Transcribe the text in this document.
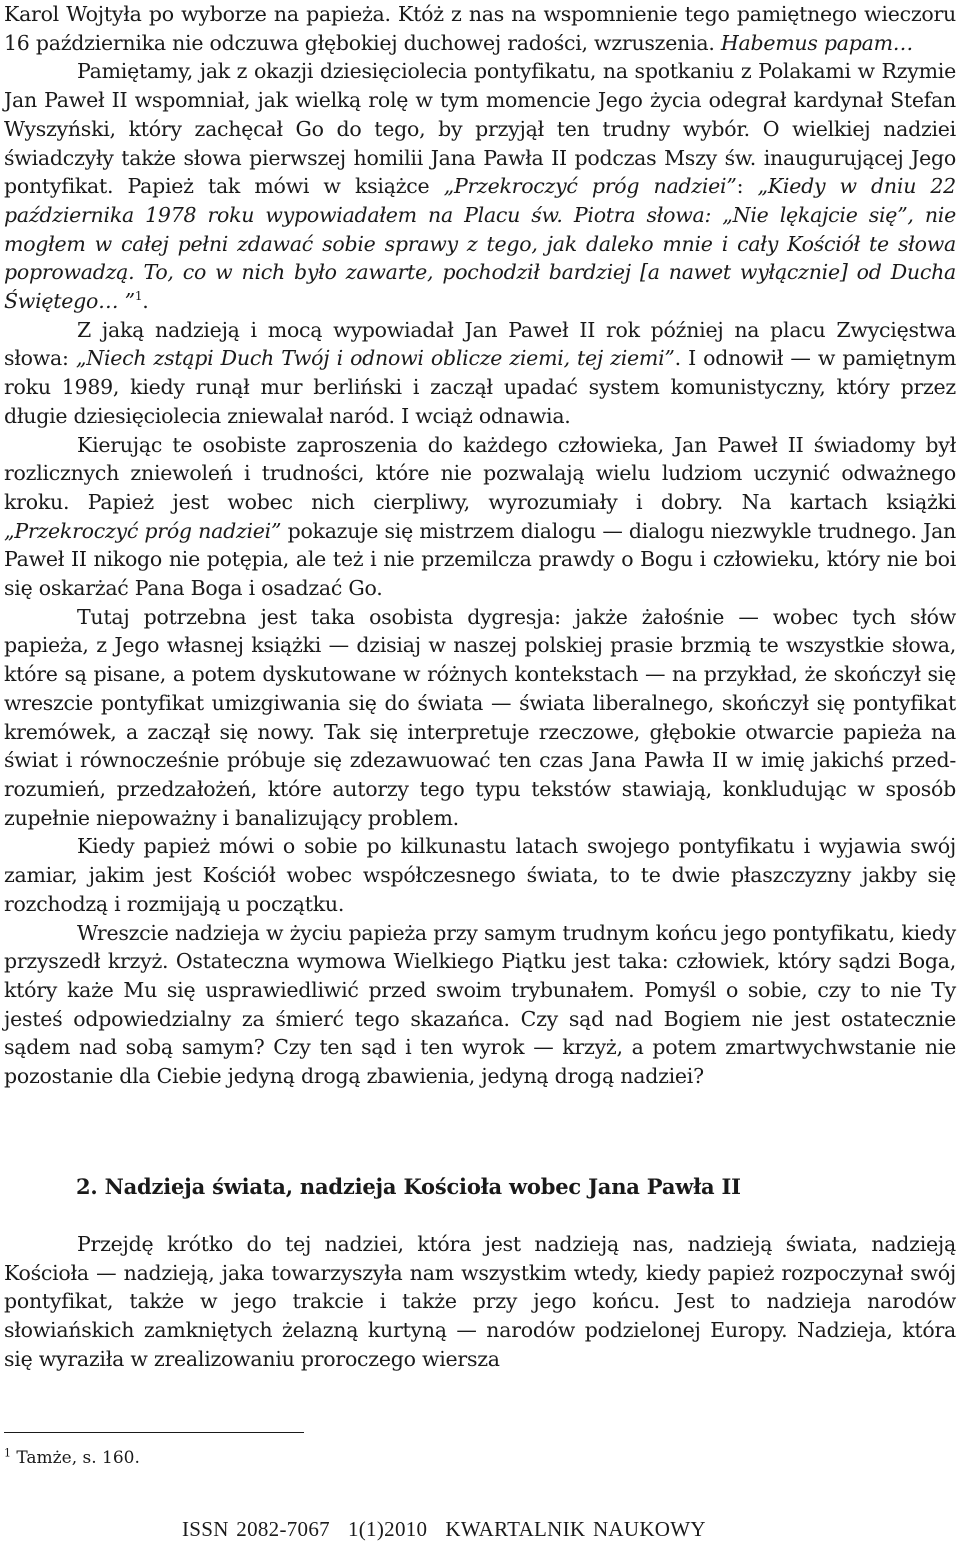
Karol Wojtyła po wyborze na papieża. Któż z nas na wspomnienie tego pamiętnego wieczoru 16 października nie odczuwa głębokiej duchowej radości, wzruszenia. Habemus papam…

Pamiętamy, jak z okazji dziesięciolecia pontyfikatu, na spotkaniu z Polakami w Rzymie Jan Paweł II wspomniał, jak wielką rolę w tym momencie Jego życia odegrał kardynał Stefan Wyszyński, który zachęcał Go do tego, by przyjął ten trudny wybór. O wielkiej nadziei świadczyły także słowa pierwszej homilii Jana Pawła II podczas Mszy św. inaugurującej Jego pontyfikat. Papież tak mówi w książce „Przekroczyć próg nadziei”: „Kiedy w dniu 22 października 1978 roku wypowiadałem na Placu św. Piotra słowa: „Nie lękajcie się”, nie mogłem w całej pełni zdawać sobie sprawy z tego, jak daleko mnie i cały Kościół te słowa poprowadzą. To, co w nich było zawarte, pochodził bardziej [a nawet wyłącznie] od Ducha Świętego… ”$^1$.

Z jaką nadzieją i mocą wypowiadał Jan Paweł II rok później na placu Zwycięstwa słowa: „Niech zstąpi Duch Twój i odnowi oblicze ziemi, tej ziemi”. I odnowił — w pamiętnym roku 1989, kiedy runął mur berliński i zaczął upadać system komunistyczny, który przez długie dziesięciolecia zniewalał naród. I wciąż odnawia.

Kierując te osobiste zaproszenia do każdego człowieka, Jan Paweł II świadomy był rozlicznych zniewoleń i trudności, które nie pozwalają wielu ludziom uczynić odważnego kroku. Papież jest wobec nich cierpliwy, wyrozumiały i dobry. Na kartach książki „Przekroczyć próg nadziei” pokazuje się mistrzem dialogu — dialogu niezwykle trudnego. Jan Paweł II nikogo nie potępia, ale też i nie przemilcza prawdy o Bogu i człowieku, który nie boi się oskarżać Pana Boga i osadzać Go.

Tutaj potrzebna jest taka osobista dygresja: jakże żałośnie — wobec tych słów papieża, z Jego własnej książki — dzisiaj w naszej polskiej prasie brzmią te wszystkie słowa, które są pisane, a potem dyskutowane w różnych kontekstach — na przykład, że skończył się wreszcie pontyfikat umizgiwania się do świata — świata liberalnego, skończył się pontyfikat kremówek, a zaczął się nowy. Tak się interpretuje rzeczowe, głębokie otwarcie papieża na świat i równocześnie próbuje się zdezawuować ten czas Jana Pawła II w imię jakichś przed-rozumień, przedzałożeń, które autorzy tego typu tekstów stawiają, konkludując w sposób zupełnie niepoważny i banalizujący problem.

Kiedy papież mówi o sobie po kilkunastu latach swojego pontyfikatu i wyjawia swój zamiar, jakim jest Kościół wobec współczesnego świata, to te dwie płaszczyzny jakby się rozchodzą i rozmijają u początku.

Wreszcie nadzieja w życiu papieża przy samym trudnym końcu jego pontyfikatu, kiedy przyszedł krzyż. Ostateczna wymowa Wielkiego Piątku jest taka: człowiek, który sądzi Boga, który każe Mu się usprawiedliwić przed swoim trybunałem. Pomyśl o sobie, czy to nie Ty jesteś odpowiedzialny za śmierć tego skazańca. Czy sąd nad Bogiem nie jest ostatecznie sądem nad sobą samym? Czy ten sąd i ten wyrok — krzyż, a potem zmartwychwstanie nie pozostanie dla Ciebie jedyną drogą zbawienia, jedyną drogą nadziei?

2. Nadzieja świata, nadzieja Kościoła wobec Jana Pawła II

Przejdę krótko do tej nadziei, która jest nadzieją nas, nadzieją świata, nadzieją Kościoła — nadzieją, jaka towarzyszyła nam wszystkim wtedy, kiedy papież rozpoczynał swój pontyfikat, także w jego trakcie i także przy jego końcu. Jest to nadzieja narodów słowiańskich zamkniętych żelazną kurtyną — narodów podzielonej Europy. Nadzieja, która się wyraziła w zrealizowaniu proroczego wiersza

$^1$ Tamże, s. 160.
ISSN 2082-7067 1(1)2010 KWARTALNIK NAUKOWY
